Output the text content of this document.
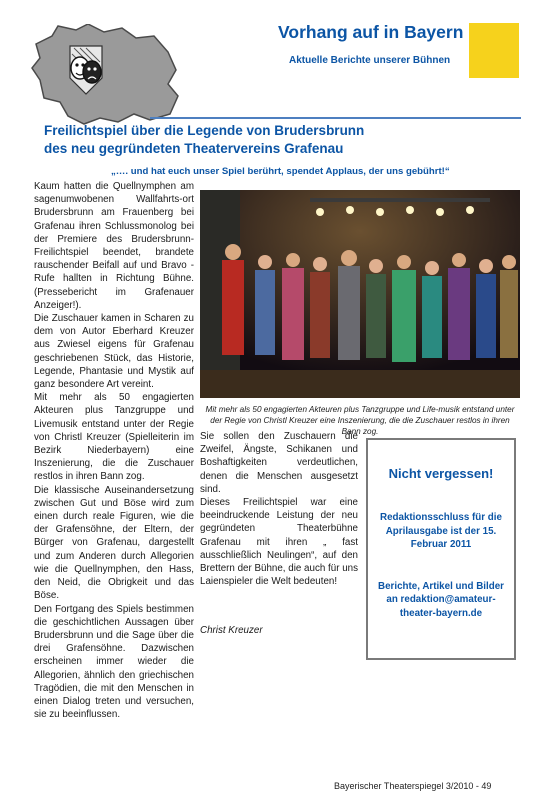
Vorhang auf in Bayern
Aktuelle Berichte unserer Bühnen
Freilichtspiel über die Legende von Brudersbrunn
des neu gegründeten Theatervereins Grafenau
„…. und hat euch unser Spiel berührt, spendet Applaus, der uns gebührt!“

Kaum hatten die Quellnymphen am sagenumwobenen Wallfahrts-ort Brudersbrunn am Frauenberg bei Grafenau ihren Schlussmonolog bei der Premiere des Brudersbrunn-Freilichtspiel beendet, brandete rauschender Beifall auf und Bravo - Rufe hallten in Richtung Bühne. (Pressebericht im Grafenauer Anzeiger!).

Die Zuschauer kamen in Scharen zu dem von Autor Eberhard Kreuzer aus Zwiesel eigens für Grafenau geschriebenen Stück, das Historie, Legende, Phantasie und Mystik auf ganz besondere Art vereint.

Mit mehr als 50 engagierten Akteuren plus Tanzgruppe und Livemusik entstand unter der Regie von Christl Kreuzer (Spielleiterin im Bezirk Niederbayern) eine Inszenierung, die die Zuschauer restlos in ihren Bann zog.

Die klassische Auseinandersetzung zwischen Gut und Böse wird zum einen durch reale Figuren, wie die der Grafensöhne, der Eltern, der Bürger von Grafenau, dargestellt und zum Anderen durch Allegorien wie die Quellnymphen, den Hass, den Neid, die Obrigkeit und das Böse.

Den Fortgang des Spiels bestimmen die geschichtlichen Aussagen über Brudersbrunn und die Sage über die drei Grafensöhne. Dazwischen erscheinen immer wieder die Allegorien, ähnlich den griechischen Tragödien, die mit den Menschen in einen Dialog treten und versuchen, sie zu beeinflussen.

Mit mehr als 50 engagierten Akteuren plus Tanzgruppe und Life-musik entstand unter der Regie von Christl Kreuzer eine Inszenierung, die die Zuschauer restlos in ihren Bann zog.

Sie sollen den Zuschauern die Zweifel, Ängste, Schikanen und Boshaftigkeiten verdeutlichen, denen die Menschen ausgesetzt sind.

Dieses Freilichtspiel war eine beeindruckende Leistung der neu gegründeten Theaterbühne Grafenau mit ihren „ fast ausschließlich Neulingen“, auf den Brettern der Bühne, die auch für uns Laienspieler die Welt bedeuten!

Christ Kreuzer
Nicht vergessen!
Redaktionsschluss für die Aprilausgabe ist der 15. Februar 2011
Berichte, Artikel und Bilder an redaktion@amateur-theater-bayern.de
Bayerischer Theaterspiegel 3/2010 - 49
